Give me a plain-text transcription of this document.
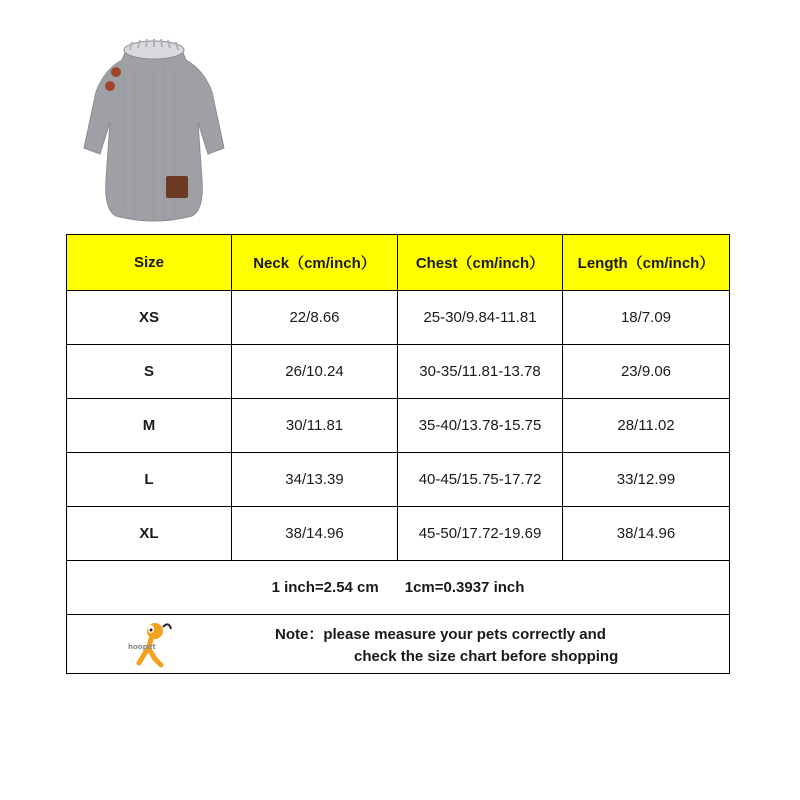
Size	Neck（cm/inch）	Chest（cm/inch）	Length（cm/inch）
XS	22/8.66	25-30/9.84-11.81	18/7.09
S	26/10.24	30-35/11.81-13.78	23/9.06
M	30/11.81	35-40/13.78-15.75	28/11.02
L	34/13.39	40-45/15.75-17.72	33/12.99
XL	38/14.96	45-50/17.72-19.69	38/14.96
1 inch=2.54 cm 1cm=0.3937 inch			

hoopet
Note：please measure your pets correctly and
check the size chart before shopping			
